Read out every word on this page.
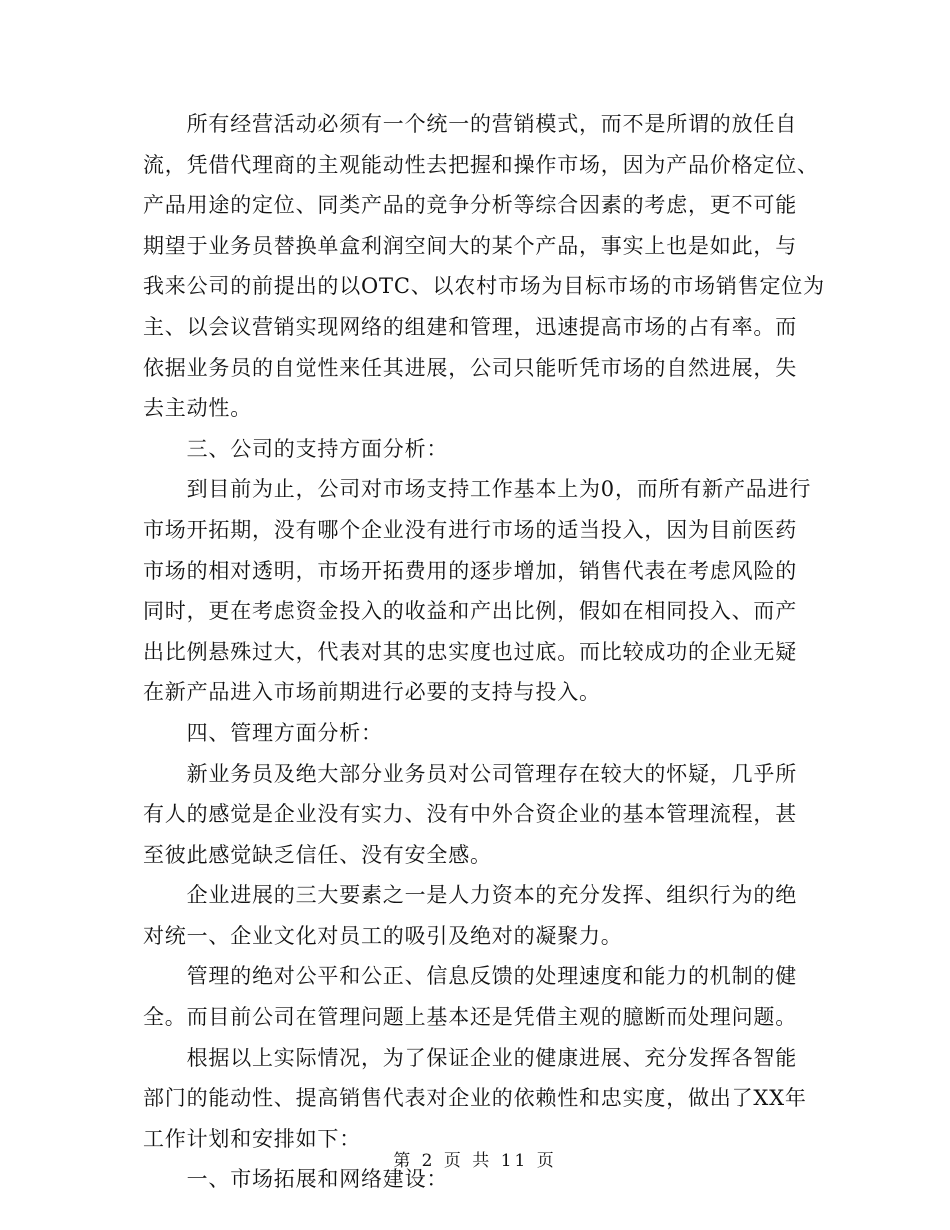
　　所有经营活动必须有一个统一的营销模式，而不是所谓的放任自
流，凭借代理商的主观能动性去把握和操作市场，因为产品价格定位、
产品用途的定位、同类产品的竞争分析等综合因素的考虑，更不可能
期望于业务员替换单盒利润空间大的某个产品，事实上也是如此，与
我来公司的前提出的以OTC、以农村市场为目标市场的市场销售定位为
主、以会议营销实现网络的组建和管理，迅速提高市场的占有率。而
依据业务员的自觉性来任其进展，公司只能听凭市场的自然进展，失
去主动性。
　　三、公司的支持方面分析：
　　到目前为止，公司对市场支持工作基本上为0，而所有新产品进行
市场开拓期，没有哪个企业没有进行市场的适当投入，因为目前医药
市场的相对透明，市场开拓费用的逐步增加，销售代表在考虑风险的
同时，更在考虑资金投入的收益和产出比例，假如在相同投入、而产
出比例悬殊过大，代表对其的忠实度也过底。而比较成功的企业无疑
在新产品进入市场前期进行必要的支持与投入。
　　四、管理方面分析：
　　新业务员及绝大部分业务员对公司管理存在较大的怀疑，几乎所
有人的感觉是企业没有实力、没有中外合资企业的基本管理流程，甚
至彼此感觉缺乏信任、没有安全感。
　　企业进展的三大要素之一是人力资本的充分发挥、组织行为的绝
对统一、企业文化对员工的吸引及绝对的凝聚力。
　　管理的绝对公平和公正、信息反馈的处理速度和能力的机制的健
全。而目前公司在管理问题上基本还是凭借主观的臆断而处理问题。
　　根据以上实际情况，为了保证企业的健康进展、充分发挥各智能
部门的能动性、提高销售代表对企业的依赖性和忠实度，做出了XX年
工作计划和安排如下：
　　一、市场拓展和网络建设：
第 2 页 共 11 页
